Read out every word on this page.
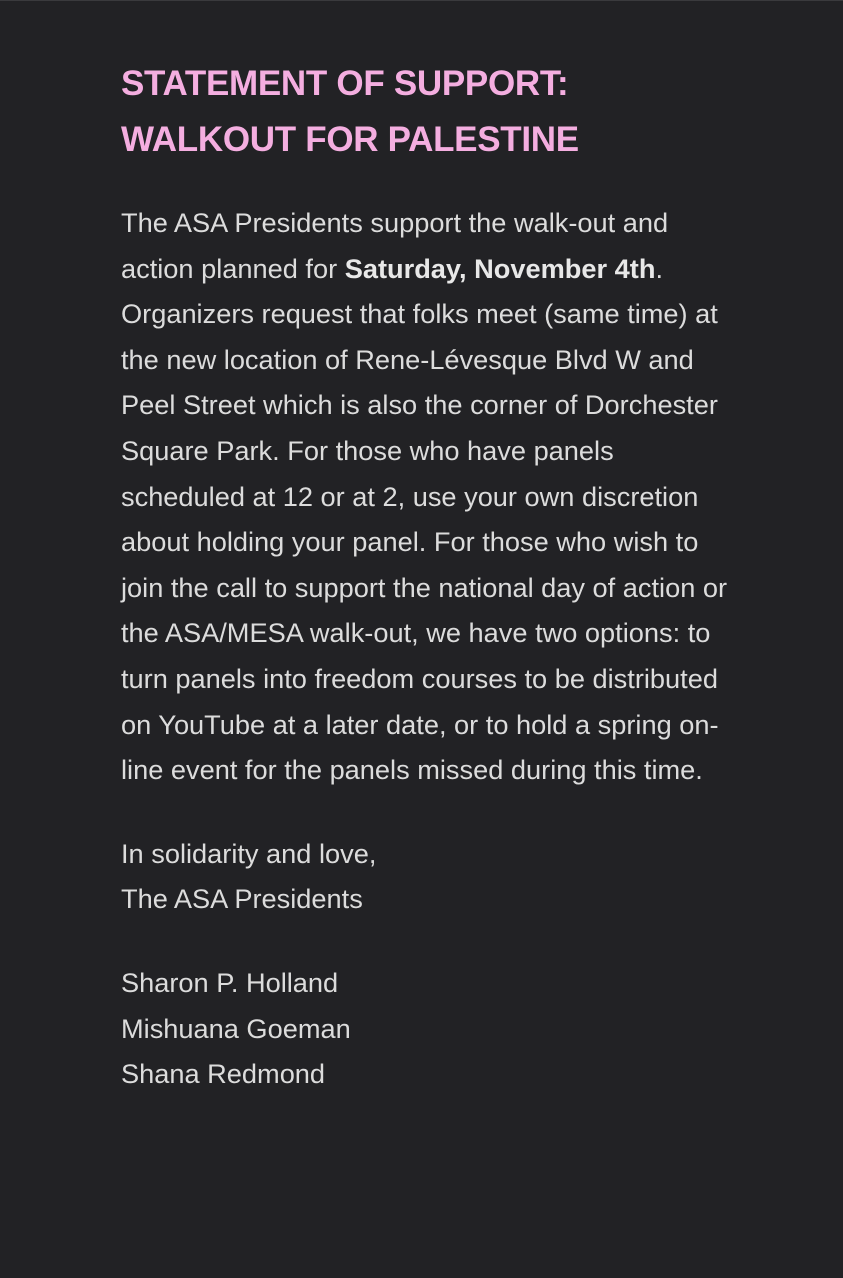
STATEMENT OF SUPPORT:
WALKOUT FOR PALESTINE

The ASA Presidents support the walk-out and action planned for Saturday, November 4th. Organizers request that folks meet (same time) at the new location of Rene-Lévesque Blvd W and Peel Street which is also the corner of Dorchester Square Park. For those who have panels scheduled at 12 or at 2, use your own discretion about holding your panel. For those who wish to join the call to support the national day of action or the ASA/MESA walk-out, we have two options: to turn panels into freedom courses to be distributed on YouTube at a later date, or to hold a spring on-line event for the panels missed during this time.

In solidarity and love,
The ASA Presidents
Sharon P. Holland
Mishuana Goeman
Shana Redmond
